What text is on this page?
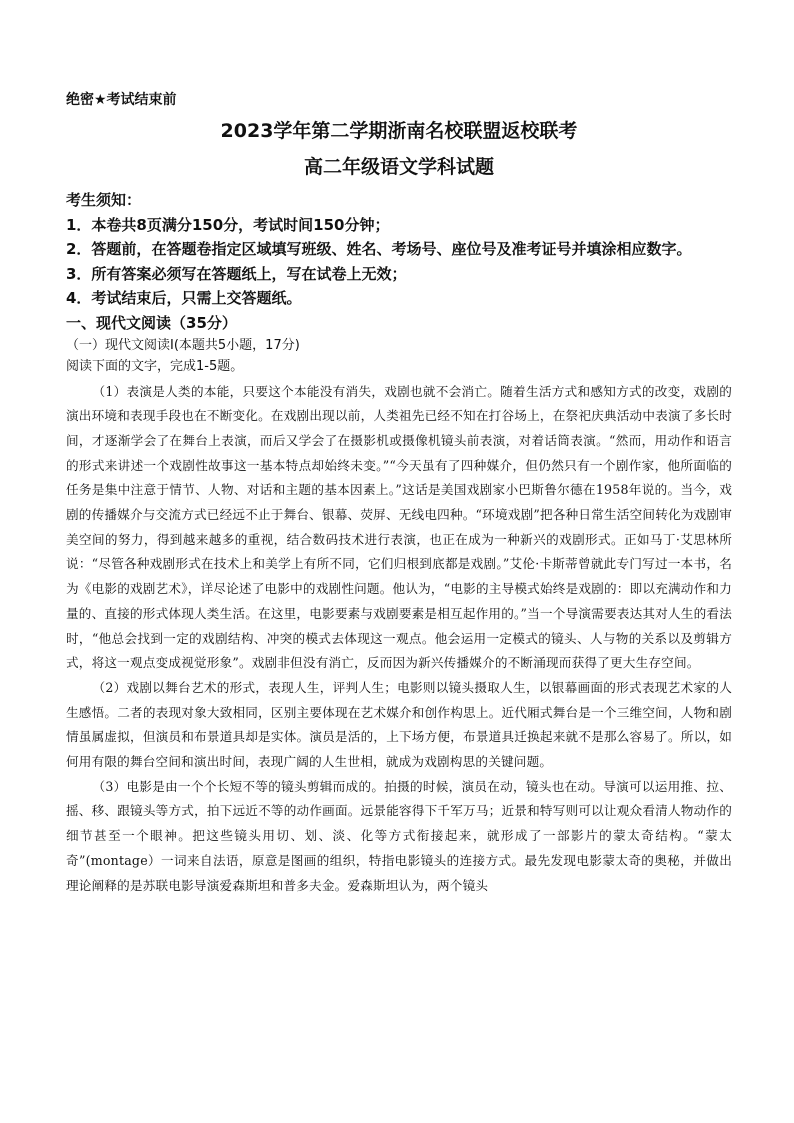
绝密★考试结束前

2023学年第二学期浙南名校联盟返校联考

高二年级语文学科试题

考生须知：

1．本卷共8页满分150分，考试时间150分钟；

2．答题前，在答题卷指定区域填写班级、姓名、考场号、座位号及准考证号并填涂相应数字。

3．所有答案必须写在答题纸上，写在试卷上无效；

4．考试结束后，只需上交答题纸。

一、现代文阅读（35分）

（一）现代文阅读Ⅰ(本题共5小题，17分)

阅读下面的文字，完成1-5题。

（1）表演是人类的本能，只要这个本能没有消失，戏剧也就不会消亡。随着生活方式和感知方式的改变，戏剧的演出环境和表现手段也在不断变化。在戏剧出现以前，人类祖先已经不知在打谷场上，在祭祀庆典活动中表演了多长时间，才逐渐学会了在舞台上表演，而后又学会了在摄影机或摄像机镜头前表演，对着话筒表演。“然而，用动作和语言的形式来讲述一个戏剧性故事这一基本特点却始终未变。”“今天虽有了四种媒介，但仍然只有一个剧作家，他所面临的任务是集中注意于情节、人物、对话和主题的基本因素上。”这话是美国戏剧家小巴斯鲁尔德在1958年说的。当今，戏剧的传播媒介与交流方式已经远不止于舞台、银幕、荧屏、无线电四种。“环境戏剧”把各种日常生活空间转化为戏剧审美空间的努力，得到越来越多的重视，结合数码技术进行表演，也正在成为一种新兴的戏剧形式。正如马丁·艾思林所说：“尽管各种戏剧形式在技术上和美学上有所不同，它们归根到底都是戏剧。”艾伦·卡斯蒂曾就此专门写过一本书，名为《电影的戏剧艺术》，详尽论述了电影中的戏剧性问题。他认为，“电影的主导模式始终是戏剧的：即以充满动作和力量的、直接的形式体现人类生活。在这里，电影要素与戏剧要素是相互起作用的。”当一个导演需要表达其对人生的看法时，“他总会找到一定的戏剧结构、冲突的模式去体现这一观点。他会运用一定模式的镜头、人与物的关系以及剪辑方式，将这一观点变成视觉形象”。戏剧非但没有消亡，反而因为新兴传播媒介的不断涌现而获得了更大生存空间。

（2）戏剧以舞台艺术的形式，表现人生，评判人生；电影则以镜头摄取人生，以银幕画面的形式表现艺术家的人生感悟。二者的表现对象大致相同，区别主要体现在艺术媒介和创作构思上。近代厢式舞台是一个三维空间，人物和剧情虽属虚拟，但演员和布景道具却是实体。演员是活的，上下场方便，布景道具迁换起来就不是那么容易了。所以，如何用有限的舞台空间和演出时间，表现广阔的人生世相，就成为戏剧构思的关键问题。

（3）电影是由一个个长短不等的镜头剪辑而成的。拍摄的时候，演员在动，镜头也在动。导演可以运用推、拉、摇、移、跟镜头等方式，拍下远近不等的动作画面。远景能容得下千军万马；近景和特写则可以让观众看清人物动作的细节甚至一个眼神。把这些镜头用切、划、淡、化等方式衔接起来，就形成了一部影片的蒙太奇结构。“蒙太奇”(montage）一词来自法语，原意是图画的组织，特指电影镜头的连接方式。最先发现电影蒙太奇的奥秘，并做出理论阐释的是苏联电影导演爱森斯坦和普多夫金。爱森斯坦认为，两个镜头
